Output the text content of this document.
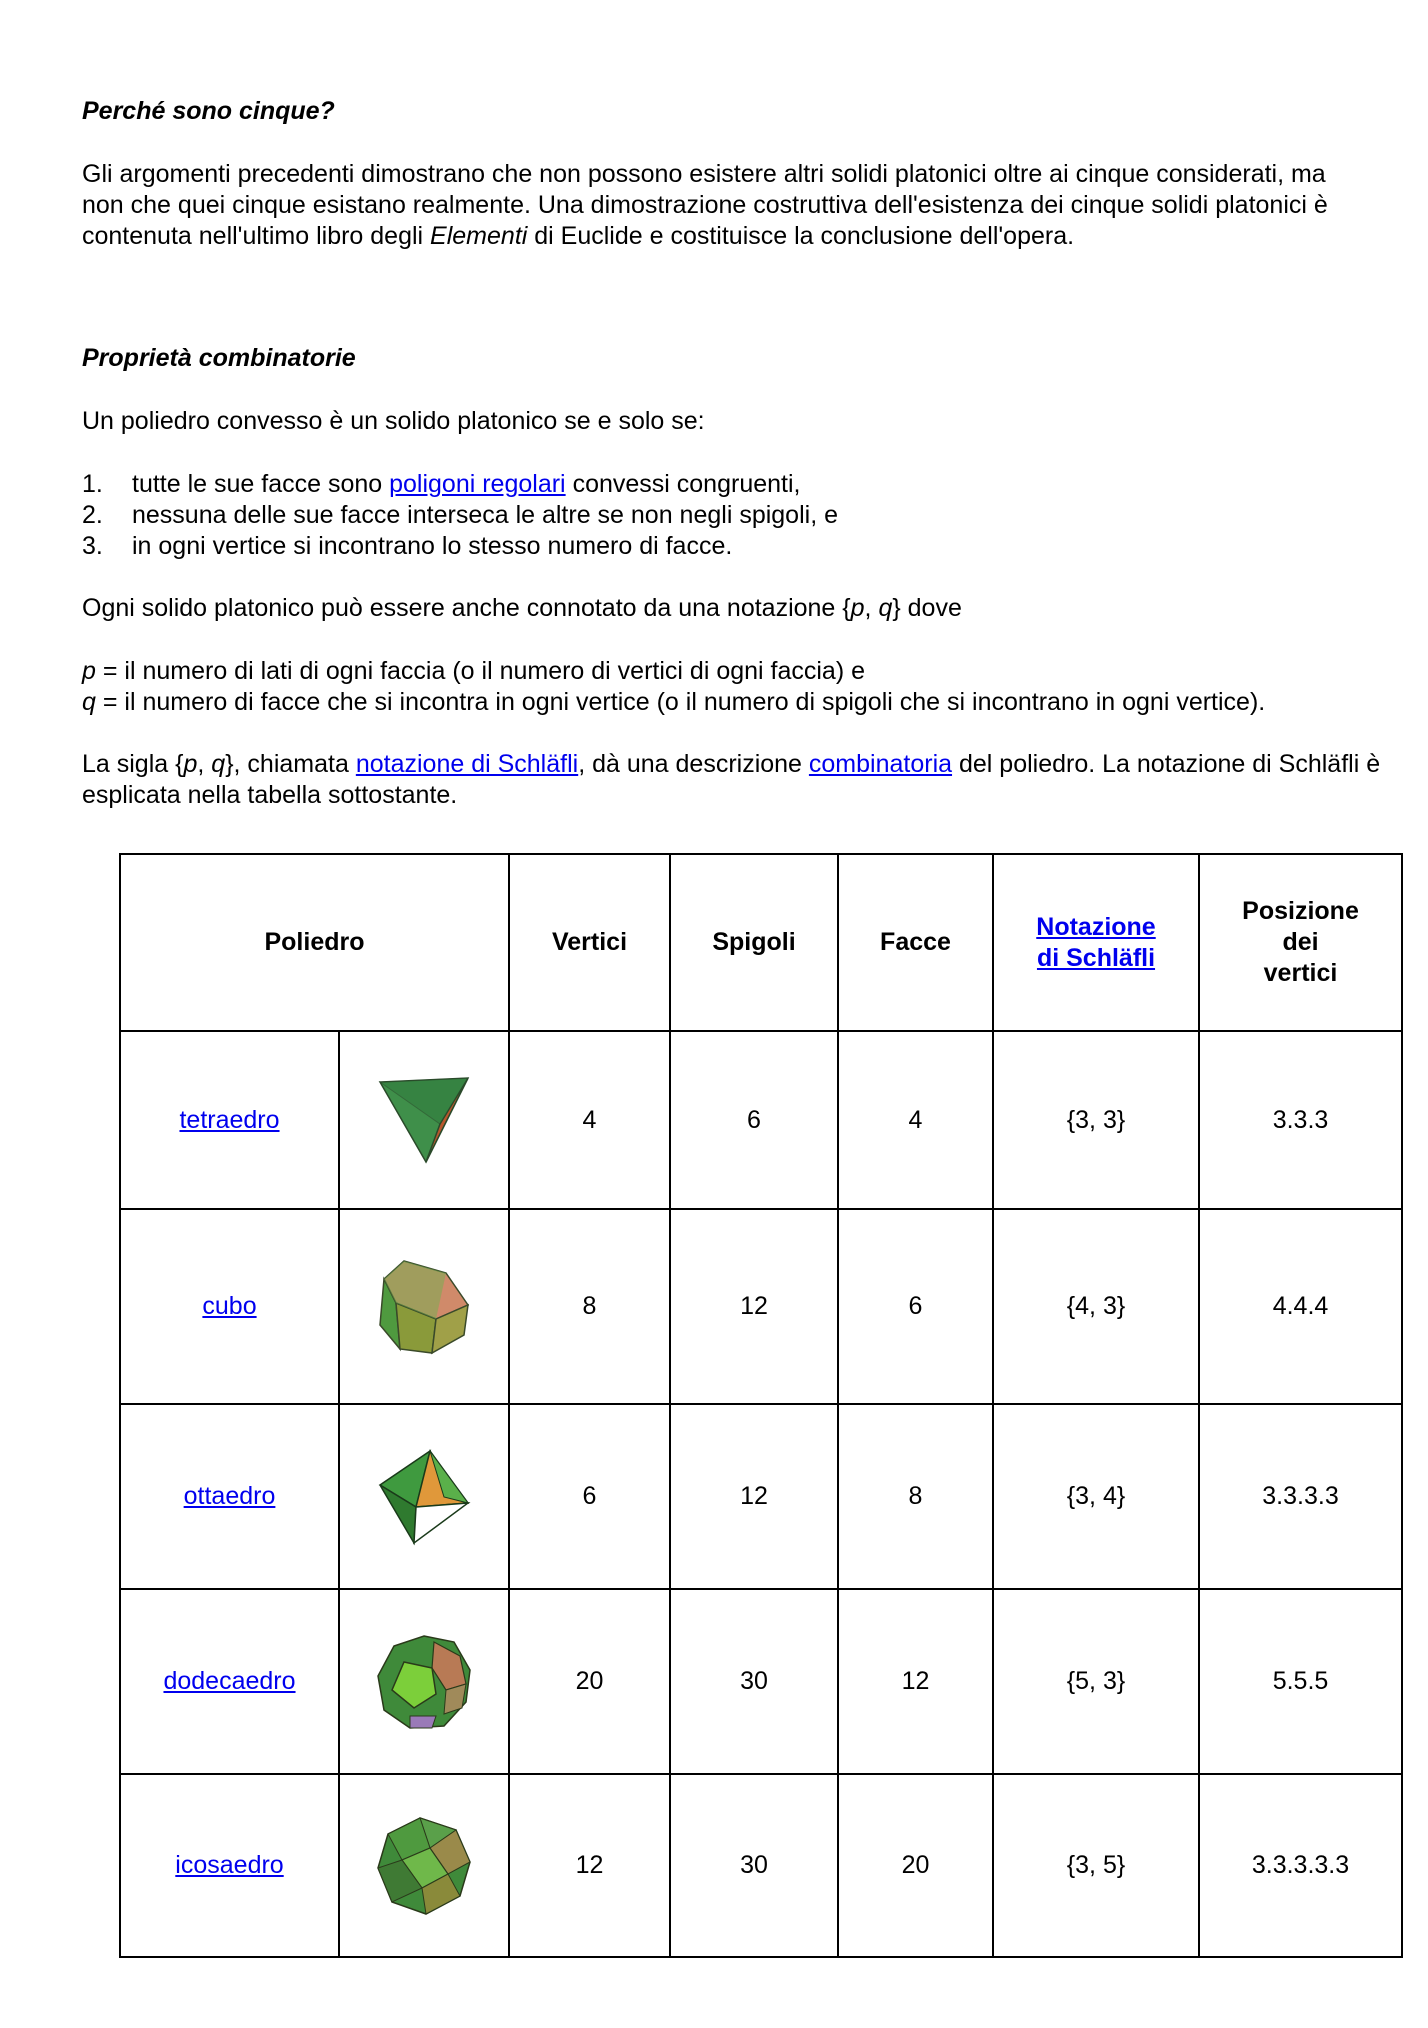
Perché sono cinque?

Gli argomenti precedenti dimostrano che non possono esistere altri solidi platonici oltre ai cinque considerati, ma non che quei cinque esistano realmente. Una dimostrazione costruttiva dell'esistenza dei cinque solidi platonici è contenuta nell'ultimo libro degli Elementi di Euclide e costituisce la conclusione dell'opera.

Proprietà combinatorie

Un poliedro convesso è un solido platonico se e solo se:

1. tutte le sue facce sono poligoni regolari convessi congruenti,
2. nessuna delle sue facce interseca le altre se non negli spigoli, e
3. in ogni vertice si incontrano lo stesso numero di facce.

Ogni solido platonico può essere anche connotato da una notazione {p, q} dove

p = il numero di lati di ogni faccia (o il numero di vertici di ogni faccia) e

q = il numero di facce che si incontra in ogni vertice (o il numero di spigoli che si incontrano in ogni vertice).

La sigla {p, q}, chiamata notazione di Schläfli, dà una descrizione combinatoria del poliedro. La notazione di Schläfli è esplicata nella tabella sottostante.

Poliedro		Vertici	Spigoli	Facce	Notazione
di Schläfli	Posizione
dei
vertici
tetraedro		4	6	4	{3, 3}	3.3.3
cubo		8	12	6	{4, 3}	4.4.4
ottaedro		6	12	8	{3, 4}	3.3.3.3
dodecaedro		20	30	12	{5, 3}	5.5.5
icosaedro		12	30	20	{3, 5}	3.3.3.3.3
